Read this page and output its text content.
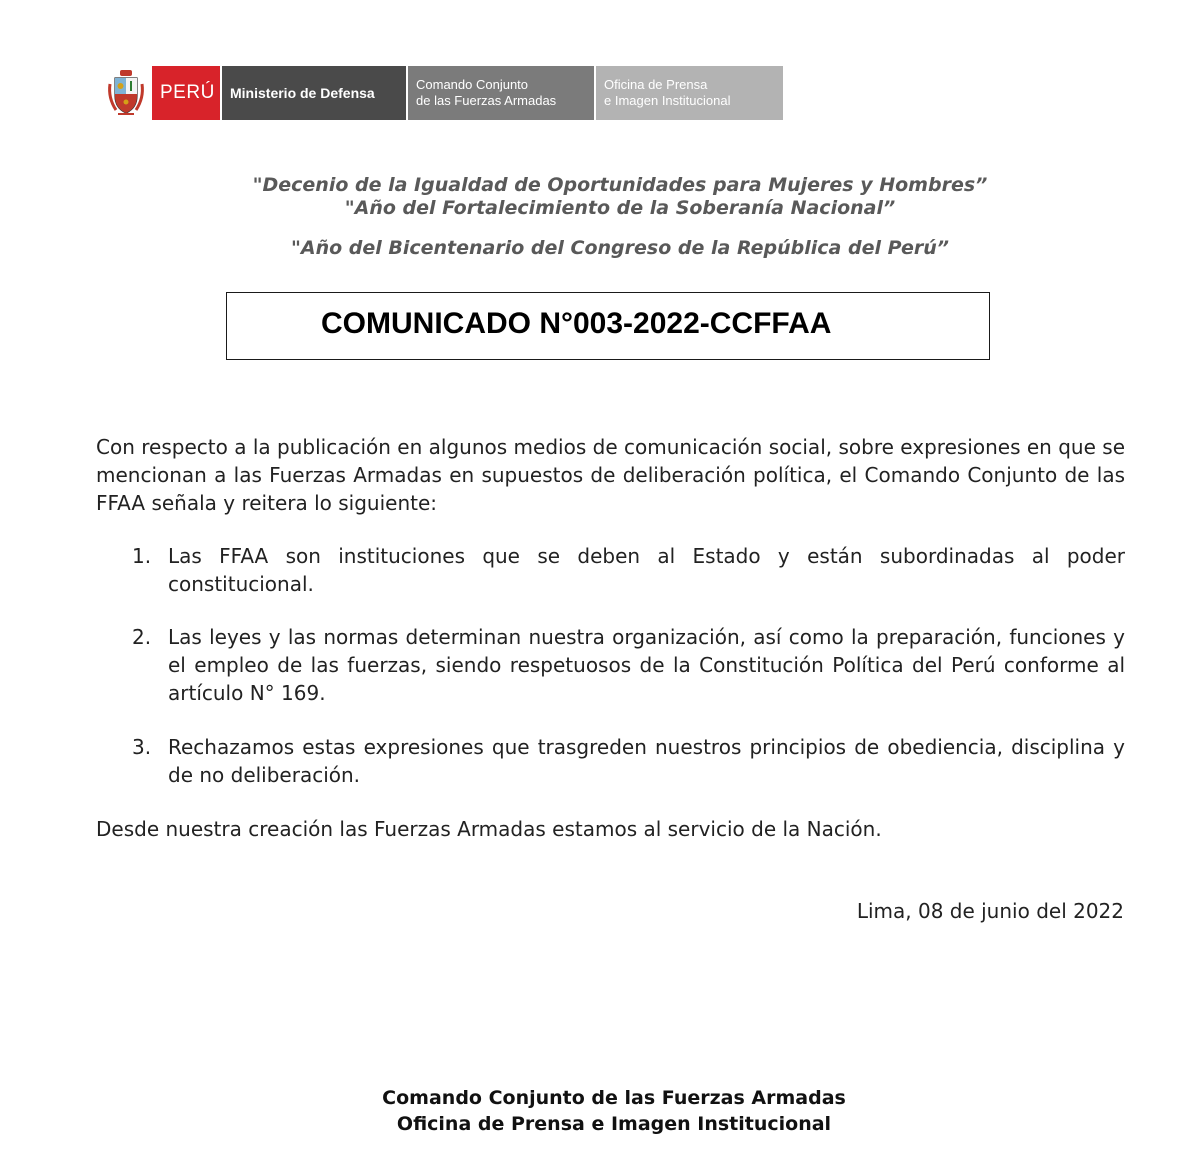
PERÚ Ministerio de Defensa
Comando Conjunto
de las Fuerzas Armadas
Oficina de Prensa
e Imagen Institucional
"Decenio de la Igualdad de Oportunidades para Mujeres y Hombres”
"Año del Fortalecimiento de la Soberanía Nacional”
"Año del Bicentenario del Congreso de la República del Perú”
COMUNICADO N°003-2022-CCFFAA
Con respecto a la publicación en algunos medios de comunicación social, sobre expresiones en que se mencionan a las Fuerzas Armadas en supuestos de deliberación política, el Comando Conjunto de las FFAA señala y reitera lo siguiente:
1. Las FFAA son instituciones que se deben al Estado y están subordinadas al poder constitucional.
2. Las leyes y las normas determinan nuestra organización, así como la preparación, funciones y el empleo de las fuerzas, siendo respetuosos de la Constitución Política del Perú conforme al artículo N° 169.
3. Rechazamos estas expresiones que trasgreden nuestros principios de obediencia, disciplina y de no deliberación.
Desde nuestra creación las Fuerzas Armadas estamos al servicio de la Nación.
Lima, 08 de junio del 2022
Comando Conjunto de las Fuerzas Armadas
Oficina de Prensa e Imagen Institucional
